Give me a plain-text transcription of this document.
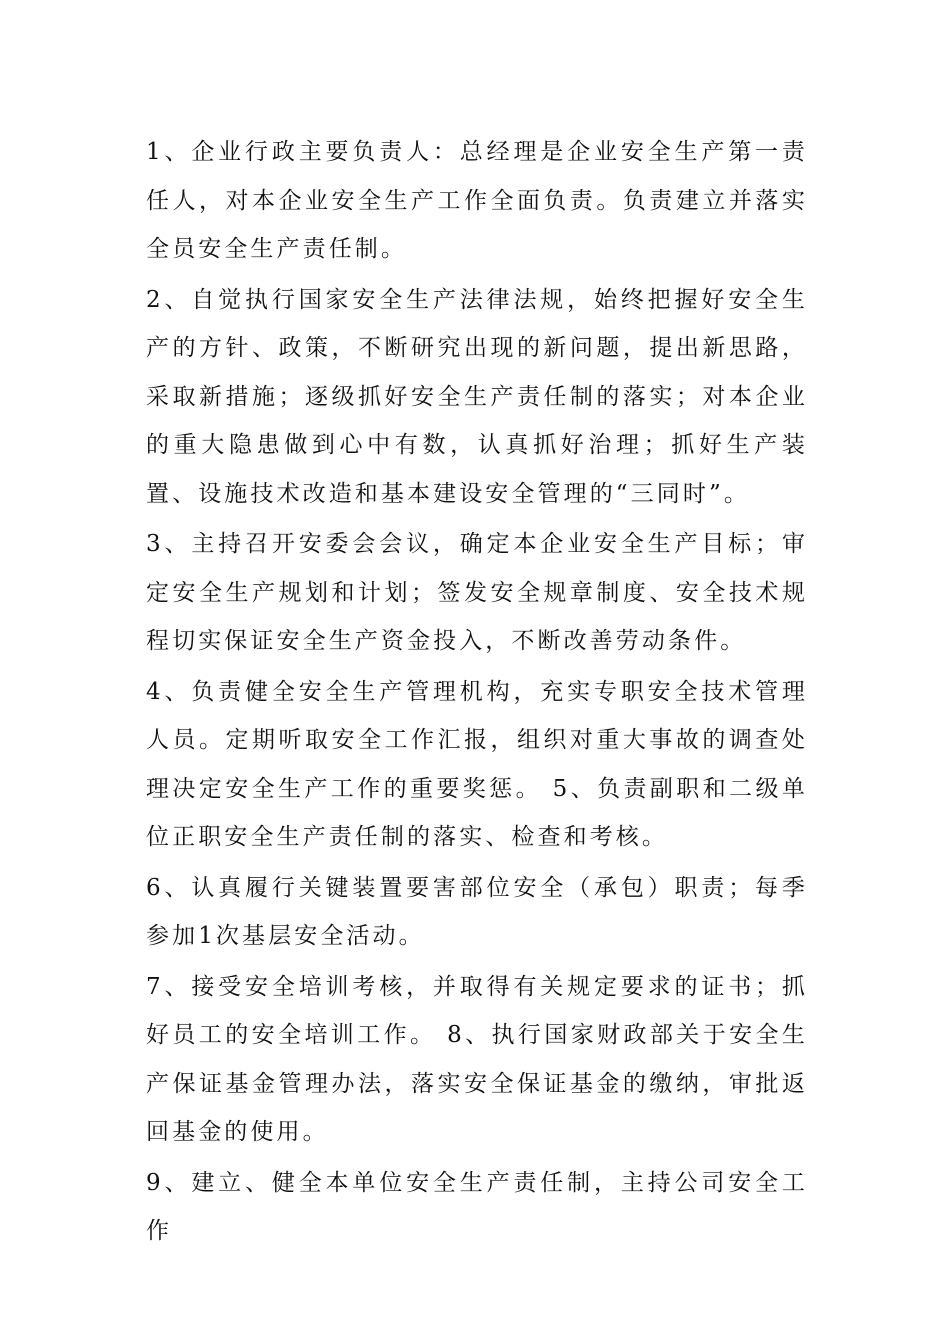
1、企业行政主要负责人：总经理是企业安全生产第一责任人，对本企业安全生产工作全面负责。负责建立并落实全员安全生产责任制。

2、自觉执行国家安全生产法律法规，始终把握好安全生产的方针、政策，不断研究出现的新问题，提出新思路，采取新措施；逐级抓好安全生产责任制的落实；对本企业的重大隐患做到心中有数，认真抓好治理；抓好生产装置、设施技术改造和基本建设安全管理的“三同时”。

3、主持召开安委会会议，确定本企业安全生产目标；审定安全生产规划和计划；签发安全规章制度、安全技术规程切实保证安全生产资金投入，不断改善劳动条件。

4、负责健全安全生产管理机构，充实专职安全技术管理人员。定期听取安全工作汇报，组织对重大事故的调查处理决定安全生产工作的重要奖惩。 5、负责副职和二级单位正职安全生产责任制的落实、检查和考核。

6、认真履行关键装置要害部位安全（承包）职责；每季参加1次基层安全活动。

7、接受安全培训考核，并取得有关规定要求的证书；抓好员工的安全培训工作。 8、执行国家财政部关于安全生产保证基金管理办法，落实安全保证基金的缴纳，审批返回基金的使用。

9、建立、健全本单位安全生产责任制，主持公司安全工作
